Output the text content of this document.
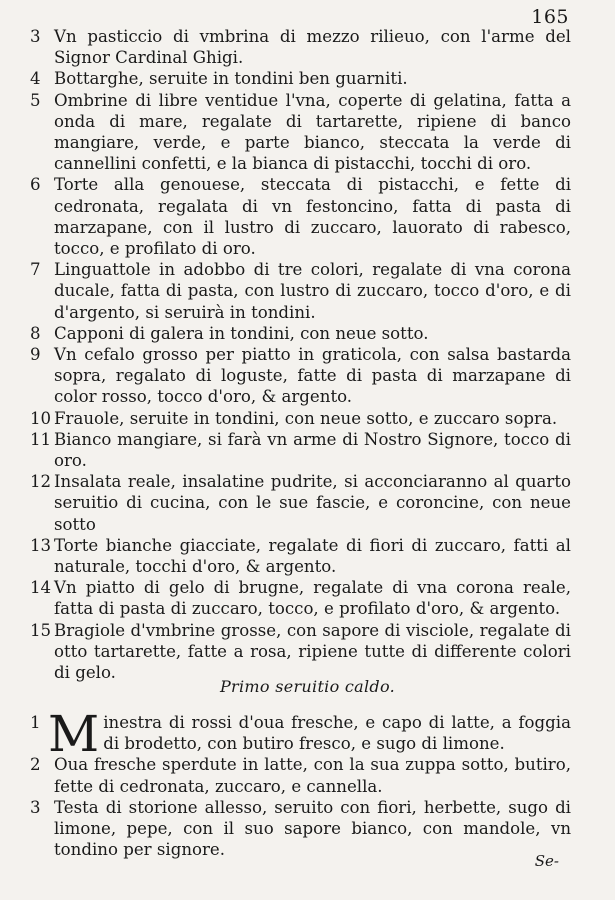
165
3 Vn pasticcio di vmbrina di mezzo rilieuo, con l'arme del Signor Cardinal Ghigi.
4 Bottarghe, seruite in tondini ben guarniti.
5 Ombrine di libre ventidue l'vna, coperte di gelatina, fatta a onda di mare, regalate di tartarette, ripiene di banco mangiare, verde, e parte bianco, steccata la verde di cannellini confetti, e la bianca di pistacchi, tocchi di oro.
6 Torte alla genouese, steccata di pistacchi, e fette di cedronata, regalata di vn festoncino, fatta di pasta di marzapane, con il lustro di zuccaro, lauorato di rabesco, tocco, e profilato di oro.
7 Linguattole in adobbo di tre colori, regalate di vna corona ducale, fatta di pasta, con lustro di zuccaro, tocco d'oro, e di d'argento, si seruirà in tondini.
8 Capponi di galera in tondini, con neue sotto.
9 Vn cefalo grosso per piatto in graticola, con salsa bastarda sopra, regalato di loguste, fatte di pasta di marzapane di color rosso, tocco d'oro, & argento.
10 Frauole, seruite in tondini, con neue sotto, e zuccaro sopra.
11 Bianco mangiare, si farà vn arme di Nostro Signore, tocco di oro.
12 Insalata reale, insalatine pudrite, si acconciaranno al quarto seruitio di cucina, con le sue fascie, e coroncine, con neue sotto
13 Torte bianche giacciate, regalate di fiori di zuccaro, fatti al naturale, tocchi d'oro, & argento.
14 Vn piatto di gelo di brugne, regalate di vna corona reale, fatta di pasta di zuccaro, tocco, e profilato d'oro, & argento.
15 Bragiole d'vmbrine grosse, con sapore di visciole, regalate di otto tartarette, fatte a rosa, ripiene tutte di differente colori di gelo.
Primo seruitio caldo.
1 M inestra di rossi d'oua fresche, e capo di latte, a foggia di brodetto, con butiro fresco, e sugo di limone.
2 Oua fresche sperdute in latte, con la sua zuppa sotto, butiro, fette di cedronata, zuccaro, e cannella.
3 Testa di storione allesso, seruito con fiori, herbette, sugo di limone, pepe, con il suo sapore bianco, con mandole, vn tondino per signore.
Se-
